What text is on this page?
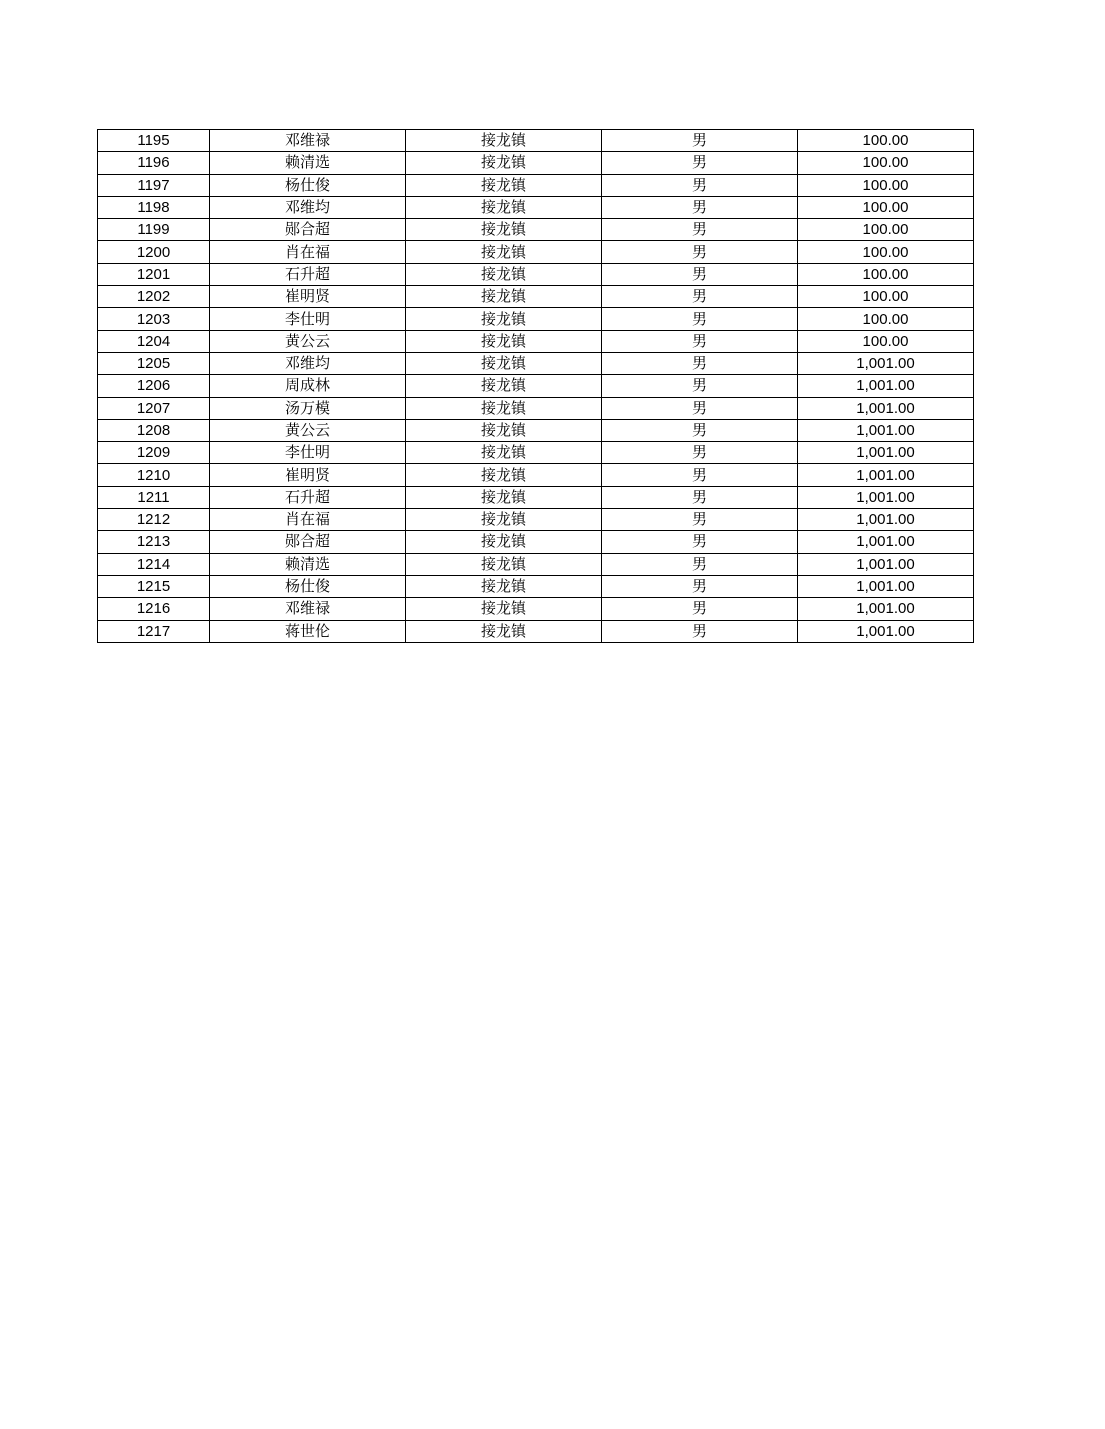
1195	邓维禄	接龙镇	男	100.00
1196	赖清选	接龙镇	男	100.00
1197	杨仕俊	接龙镇	男	100.00
1198	邓维均	接龙镇	男	100.00
1199	郧合超	接龙镇	男	100.00
1200	肖在福	接龙镇	男	100.00
1201	石升超	接龙镇	男	100.00
1202	崔明贤	接龙镇	男	100.00
1203	李仕明	接龙镇	男	100.00
1204	黄公云	接龙镇	男	100.00
1205	邓维均	接龙镇	男	1,001.00
1206	周成林	接龙镇	男	1,001.00
1207	汤万模	接龙镇	男	1,001.00
1208	黄公云	接龙镇	男	1,001.00
1209	李仕明	接龙镇	男	1,001.00
1210	崔明贤	接龙镇	男	1,001.00
1211	石升超	接龙镇	男	1,001.00
1212	肖在福	接龙镇	男	1,001.00
1213	郧合超	接龙镇	男	1,001.00
1214	赖清选	接龙镇	男	1,001.00
1215	杨仕俊	接龙镇	男	1,001.00
1216	邓维禄	接龙镇	男	1,001.00
1217	蒋世伦	接龙镇	男	1,001.00
